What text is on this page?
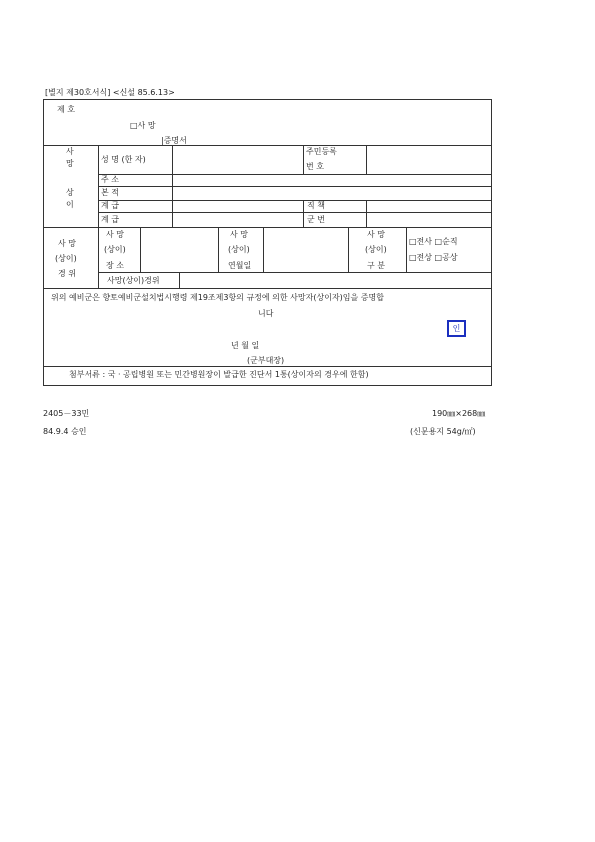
[별지 제30호서식] <신설 85.6.13>
제 호
□사 망
|증명서
사
망
상
이
성 명 (한 자)
주민등록
번 호
주 소
본 적
계 급
계 급
직 책
군 번
사 망
(상이)
경 위
사 망
(상이)
장 소
사 망
(상이)
연월일
사 망
(상이)
구 분
□전사 □순직
□전상 □공상
사망(상이)경위
위의 예비군은 향토예비군설치법시행령 제19조제3항의 규정에 의한 사망자(상이자)임을 증명합
니다
년 월 일
(군부대장)
첨부서류 : 국 · 공립병원 또는 민간병원장이 발급한 진단서 1통(상이자의 경우에 한함)
인
2405－33민
84.9.4 승인
190㎜×268㎜
(신문용지 54g/㎡)
